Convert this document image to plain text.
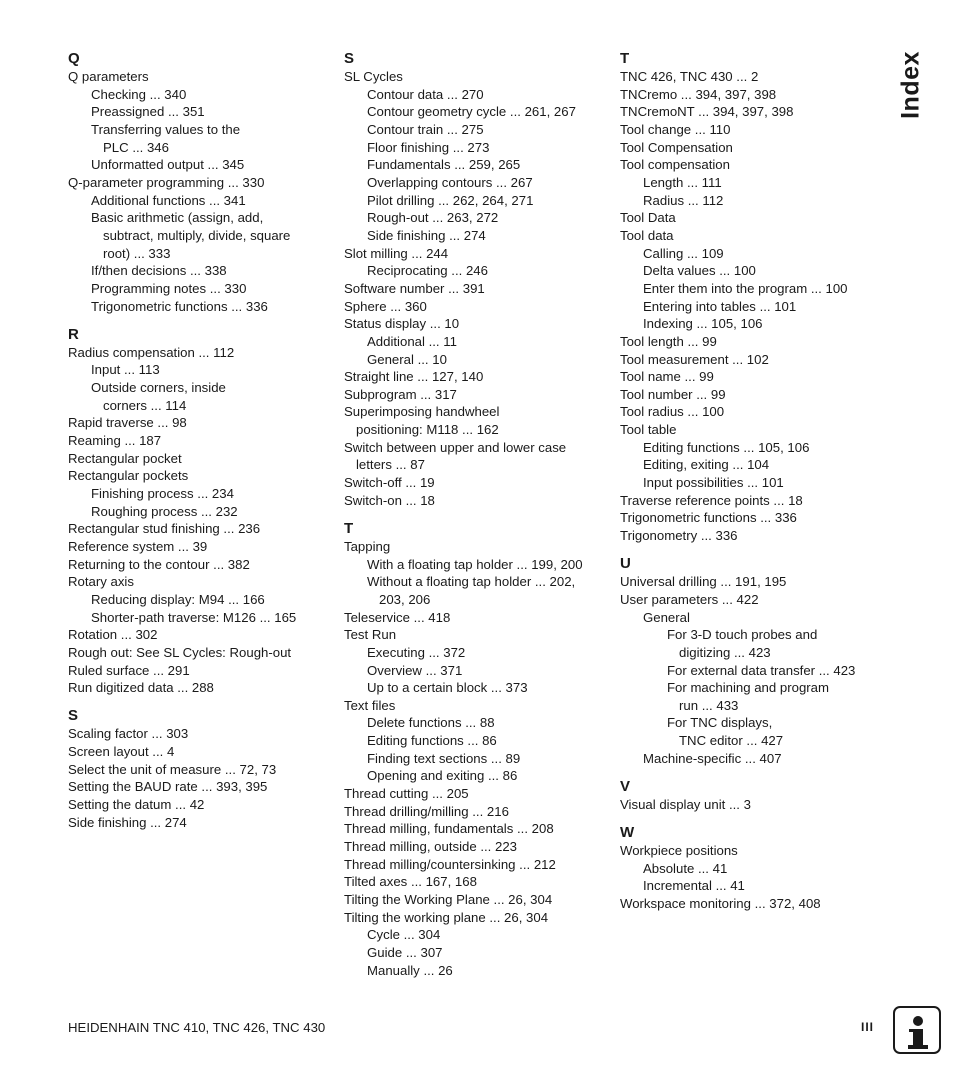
Q
Q parameters
Checking ... 340
Preassigned ... 351
Transferring values to the
PLC ... 346
Unformatted output ... 345
Q-parameter programming ... 330
Additional functions ... 341
Basic arithmetic (assign, add,
subtract, multiply, divide, square
root) ... 333
If/then decisions ... 338
Programming notes ... 330
Trigonometric functions ... 336
R
Radius compensation ... 112
Input ... 113
Outside corners, inside
corners ... 114
Rapid traverse ... 98
Reaming ... 187
Rectangular pocket
Rectangular pockets
Finishing process ... 234
Roughing process ... 232
Rectangular stud finishing ... 236
Reference system ... 39
Returning to the contour ... 382
Rotary axis
Reducing display: M94 ... 166
Shorter-path traverse: M126 ... 165
Rotation ... 302
Rough out: See SL Cycles: Rough-out
Ruled surface ... 291
Run digitized data ... 288
S
Scaling factor ... 303
Screen layout ... 4
Select the unit of measure ... 72, 73
Setting the BAUD rate ... 393, 395
Setting the datum ... 42
Side finishing ... 274
S
SL Cycles
Contour data ... 270
Contour geometry cycle ... 261, 267
Contour train ... 275
Floor finishing ... 273
Fundamentals ... 259, 265
Overlapping contours ... 267
Pilot drilling ... 262, 264, 271
Rough-out ... 263, 272
Side finishing ... 274
Slot milling ... 244
Reciprocating ... 246
Software number ... 391
Sphere ... 360
Status display ... 10
Additional ... 11
General ... 10
Straight line ... 127, 140
Subprogram ... 317
Superimposing handwheel
positioning: M118 ... 162
Switch between upper and lower case
letters ... 87
Switch-off ... 19
Switch-on ... 18
T
Tapping
With a floating tap holder ... 199, 200
Without a floating tap holder ... 202,
203, 206
Teleservice ... 418
Test Run
Executing ... 372
Overview ... 371
Up to a certain block ... 373
Text files
Delete functions ... 88
Editing functions ... 86
Finding text sections ... 89
Opening and exiting ... 86
Thread cutting ... 205
Thread drilling/milling ... 216
Thread milling, fundamentals ... 208
Thread milling, outside ... 223
Thread milling/countersinking ... 212
Tilted axes ... 167, 168
Tilting the Working Plane ... 26, 304
Tilting the working plane ... 26, 304
Cycle ... 304
Guide ... 307
Manually ... 26
T
TNC 426, TNC 430 ... 2
TNCremo ... 394, 397, 398
TNCremoNT ... 394, 397, 398
Tool change ... 110
Tool Compensation
Tool compensation
Length ... 111
Radius ... 112
Tool Data
Tool data
Calling ... 109
Delta values ... 100
Enter them into the program ... 100
Entering into tables ... 101
Indexing ... 105, 106
Tool length ... 99
Tool measurement ... 102
Tool name ... 99
Tool number ... 99
Tool radius ... 100
Tool table
Editing functions ... 105, 106
Editing, exiting ... 104
Input possibilities ... 101
Traverse reference points ... 18
Trigonometric functions ... 336
Trigonometry ... 336
U
Universal drilling ... 191, 195
User parameters ... 422
General
For 3-D touch probes and
digitizing ... 423
For external data transfer ... 423
For machining and program
run ... 433
For TNC displays,
TNC editor ... 427
Machine-specific ... 407
V
Visual display unit ... 3
W
Workpiece positions
Absolute ... 41
Incremental ... 41
Workspace monitoring ... 372, 408
Index
HEIDENHAIN TNC 410, TNC 426, TNC 430	III
